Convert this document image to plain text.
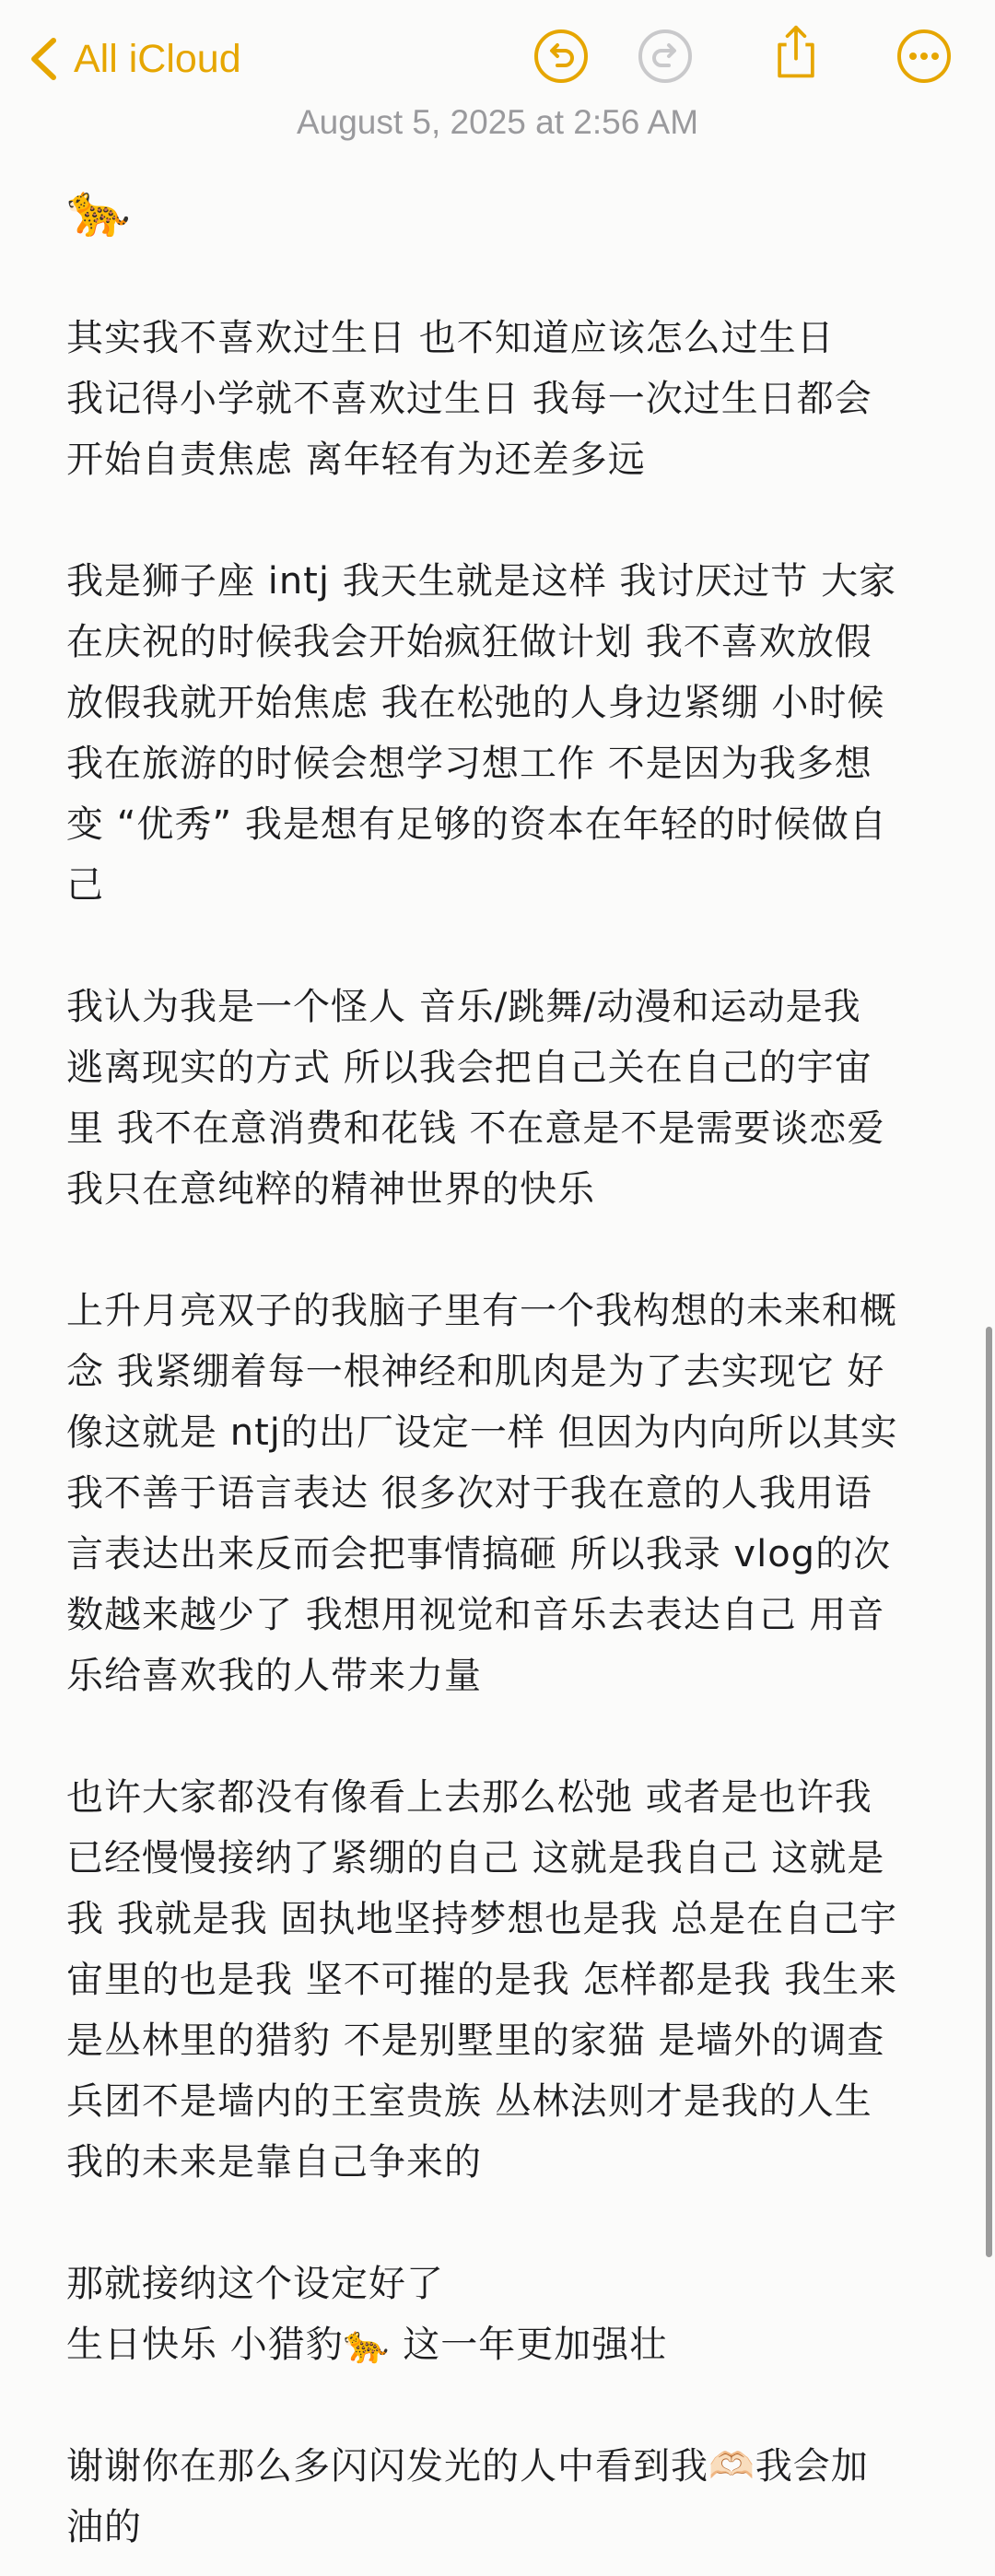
All iCloud
August 5, 2025 at 2:56 AM
🐆
其实我不喜欢过生日 也不知道应该怎么过生日
我记得小学就不喜欢过生日 我每一次过生日都会
开始自责焦虑 离年轻有为还差多远
我是狮子座 intj 我天生就是这样 我讨厌过节 大家
在庆祝的时候我会开始疯狂做计划 我不喜欢放假
放假我就开始焦虑 我在松弛的人身边紧绷 小时候
我在旅游的时候会想学习想工作 不是因为我多想
变 “优秀” 我是想有足够的资本在年轻的时候做自
己
我认为我是一个怪人 音乐/跳舞/动漫和运动是我
逃离现实的方式 所以我会把自己关在自己的宇宙
里 我不在意消费和花钱 不在意是不是需要谈恋爱
我只在意纯粹的精神世界的快乐
上升月亮双子的我脑子里有一个我构想的未来和概
念 我紧绷着每一根神经和肌肉是为了去实现它 好
像这就是 ntj的出厂设定一样 但因为内向所以其实
我不善于语言表达 很多次对于我在意的人我用语
言表达出来反而会把事情搞砸 所以我录 vlog的次
数越来越少了 我想用视觉和音乐去表达自己 用音
乐给喜欢我的人带来力量
也许大家都没有像看上去那么松弛 或者是也许我
已经慢慢接纳了紧绷的自己 这就是我自己 这就是
我 我就是我 固执地坚持梦想也是我 总是在自己宇
宙里的也是我 坚不可摧的是我 怎样都是我 我生来
是丛林里的猎豹 不是别墅里的家猫 是墙外的调查
兵团不是墙内的王室贵族 丛林法则才是我的人生
我的未来是靠自己争来的
那就接纳这个设定好了
生日快乐 小猎豹🐆 这一年更加强壮
谢谢你在那么多闪闪发光的人中看到我🫶🏻我会加
油的
